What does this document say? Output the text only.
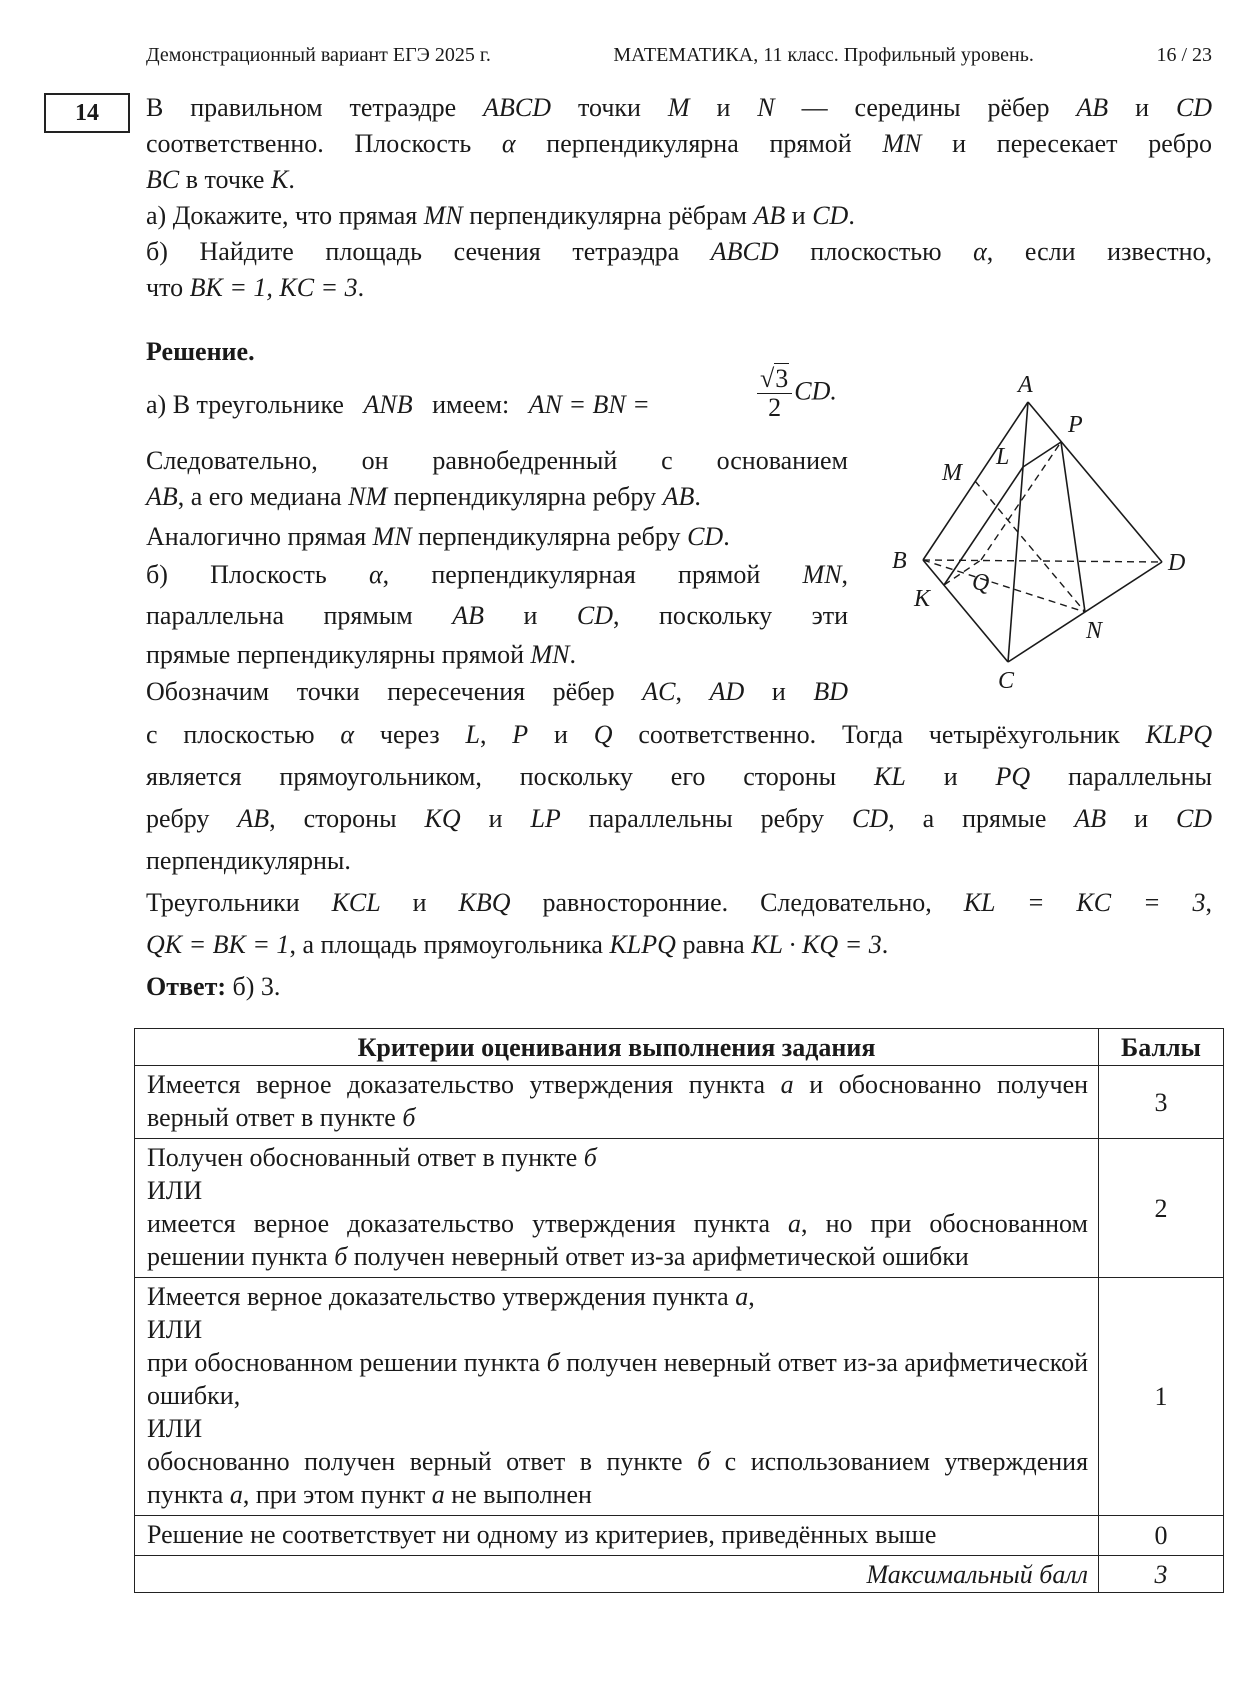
Демонстрационный вариант ЕГЭ 2025 г.	МАТЕМАТИКА, 11 класс. Профильный уровень.	16 / 23
14	В правильном тетраэдре ABCD точки M и N — середины рёбер AB и CD
соответственно. Плоскость α перпендикулярна прямой MN и пересекает ребро
BC в точке K.
а) Докажите, что прямая MN перпендикулярна рёбрам AB и CD.
б) Найдите площадь сечения тетраэдра ABCD плоскостью α, если известно,
что BK = 1, KC = 3.
Решение.
а) В треугольнике ANB имеем: AN = BN =	$\frac{√3}{2}$ CD.
Следовательно, он равнобедренный с основанием
AB, а его медиана NM перпендикулярна ребру AB.
Аналогично прямая MN перпендикулярна ребру CD.
б) Плоскость α, перпендикулярная прямой MN,
параллельна прямым AB и CD, поскольку эти
прямые перпендикулярны прямой MN.
Обозначим точки пересечения рёбер AC, AD и BD
с плоскостью α через L, P и Q соответственно. Тогда четырёхугольник KLPQ
является прямоугольником, поскольку его стороны KL и PQ параллельны
ребру AB, стороны KQ и LP параллельны ребру CD, а прямые AB и CD
перпендикулярны.
Треугольники KCL и KBQ равносторонние. Следовательно, KL = KC = 3,
QK = BK = 1, а площадь прямоугольника KLPQ равна KL · KQ = 3.
Ответ: б) 3.
A
B
C
D
M
N
K
L
P
Q
Критерии оценивания выполнения задания	Баллы
Имеется верное доказательство утверждения пункта а и обоснованно получен верный ответ в пункте б	3

Получен обоснованный ответ в пункте б
ИЛИ
имеется верное доказательство утверждения пункта а, но при обоснованном решении пункта б получен неверный ответ из-за арифметической ошибки	2

Имеется верное доказательство утверждения пункта а,
ИЛИ
при обоснованном решении пункта б получен неверный ответ из-за арифметической ошибки,
ИЛИ
обоснованно получен верный ответ в пункте б с использованием утверждения пункта а, при этом пункт а не выполнен	1
Решение не соответствует ни одному из критериев, приведённых выше	0
Максимальный балл	3
